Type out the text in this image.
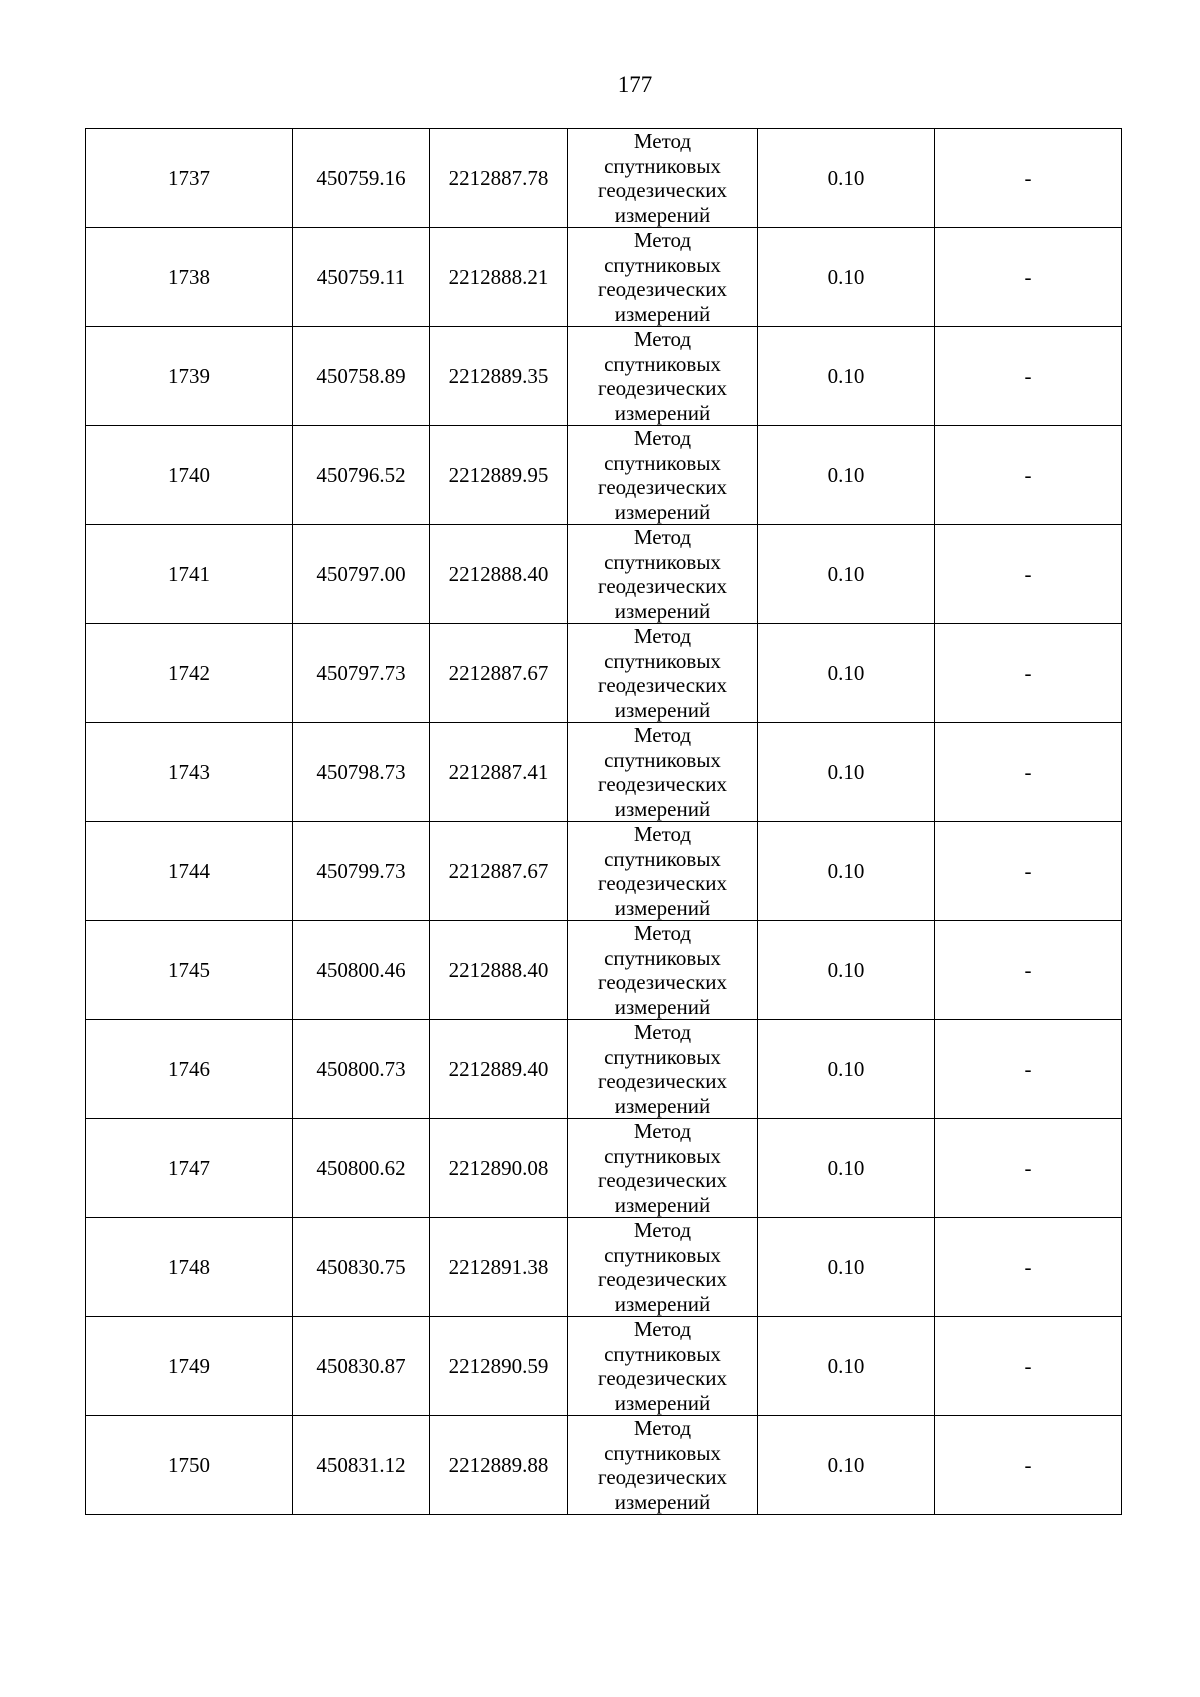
177
1737	450759.16	2212887.78	Метод
спутниковых
геодезических
измерений	0.10	-
1738	450759.11	2212888.21	Метод
спутниковых
геодезических
измерений	0.10	-
1739	450758.89	2212889.35	Метод
спутниковых
геодезических
измерений	0.10	-
1740	450796.52	2212889.95	Метод
спутниковых
геодезических
измерений	0.10	-
1741	450797.00	2212888.40	Метод
спутниковых
геодезических
измерений	0.10	-
1742	450797.73	2212887.67	Метод
спутниковых
геодезических
измерений	0.10	-
1743	450798.73	2212887.41	Метод
спутниковых
геодезических
измерений	0.10	-
1744	450799.73	2212887.67	Метод
спутниковых
геодезических
измерений	0.10	-
1745	450800.46	2212888.40	Метод
спутниковых
геодезических
измерений	0.10	-
1746	450800.73	2212889.40	Метод
спутниковых
геодезических
измерений	0.10	-
1747	450800.62	2212890.08	Метод
спутниковых
геодезических
измерений	0.10	-
1748	450830.75	2212891.38	Метод
спутниковых
геодезических
измерений	0.10	-
1749	450830.87	2212890.59	Метод
спутниковых
геодезических
измерений	0.10	-
1750	450831.12	2212889.88	Метод
спутниковых
геодезических
измерений	0.10	-
